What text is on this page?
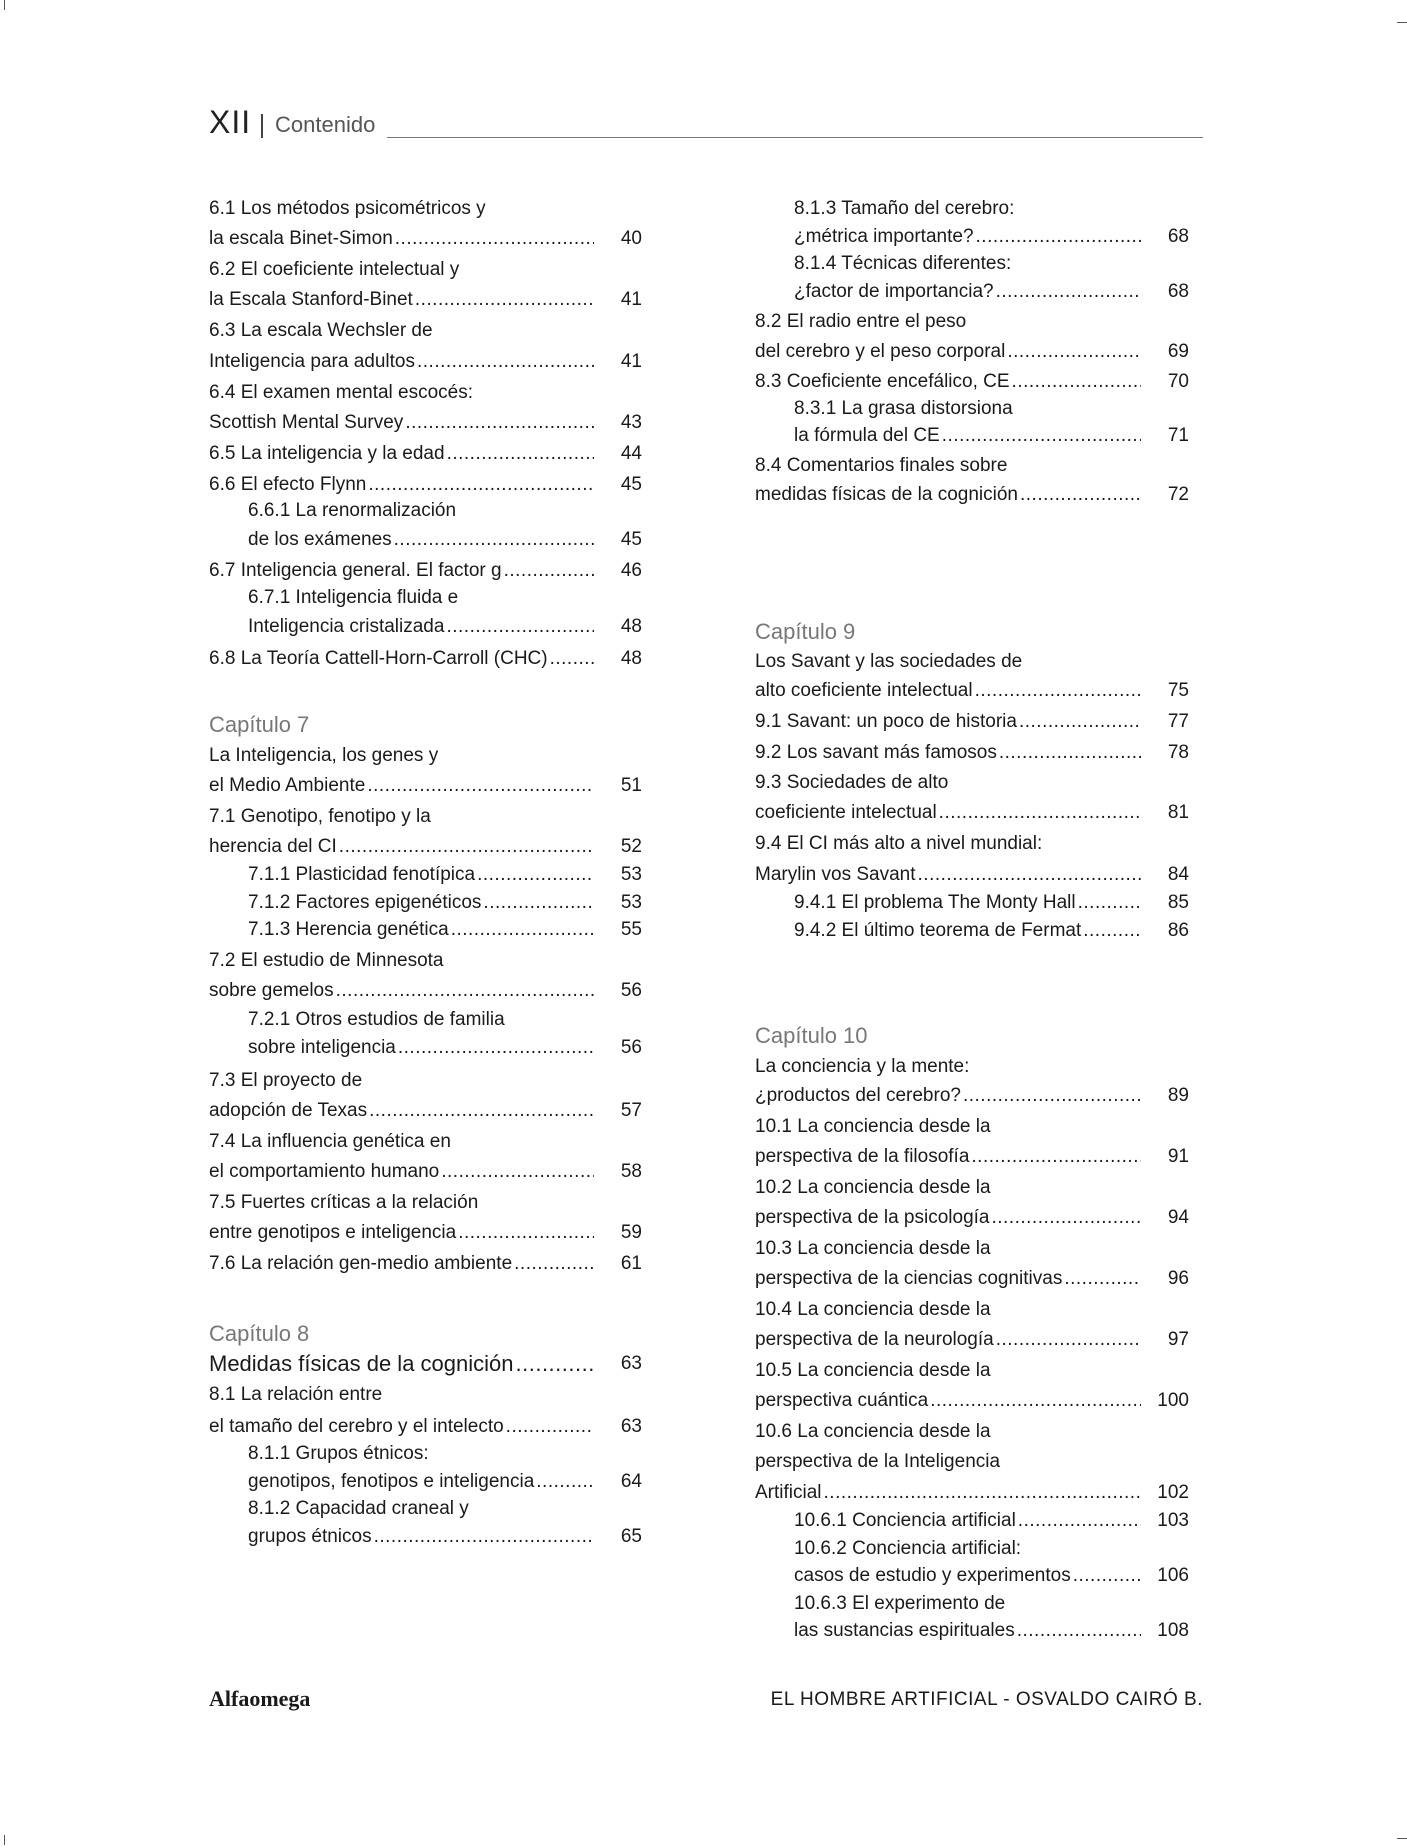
XII Contenido
6.1 Los métodos psicométricos y
la escala Binet-Simon .....	40
6.2 El coeficiente intelectual y
la Escala Stanford-Binet .....	41
6.3 La escala Wechsler de
Inteligencia para adultos .....	41
6.4 El examen mental escocés:
Scottish Mental Survey .....	43
6.5 La inteligencia y la edad .....	44
6.6 El efecto Flynn .....	45
6.6.1 La renormalización
de los exámenes .....	45
6.7 Inteligencia general. El factor g .....	46
6.7.1 Inteligencia fluida e
Inteligencia cristalizada .....	48
6.8 La Teoría Cattell-Horn-Carroll (CHC) .....	48
Capítulo 7
La Inteligencia, los genes y
el Medio Ambiente .....	51
7.1 Genotipo, fenotipo y la
herencia del CI .....	52
7.1.1 Plasticidad fenotípica .....	53
7.1.2 Factores epigenéticos .....	53
7.1.3 Herencia genética .....	55
7.2 El estudio de Minnesota
sobre gemelos .....	56
7.2.1 Otros estudios de familia
sobre inteligencia .....	56
7.3 El proyecto de
adopción de Texas .....	57
7.4 La influencia genética en
el comportamiento humano .....	58
7.5 Fuertes críticas a la relación
entre genotipos e inteligencia .....	59
7.6 La relación gen-medio ambiente .....	61
Capítulo 8
Medidas físicas de la cognición .....	63
8.1 La relación entre
el tamaño del cerebro y el intelecto .....	63
8.1.1 Grupos étnicos:
genotipos, fenotipos e inteligencia .....	64
8.1.2 Capacidad craneal y
grupos étnicos .....	65
8.1.3 Tamaño del cerebro:
¿métrica importante? .....	68
8.1.4 Técnicas diferentes:
¿factor de importancia? .....	68
8.2 El radio entre el peso
del cerebro y el peso corporal .....	69
8.3 Coeficiente encefálico, CE .....	70
8.3.1 La grasa distorsiona
la fórmula del CE .....	71
8.4 Comentarios finales sobre
medidas físicas de la cognición .....	72
Capítulo 9
Los Savant y las sociedades de
alto coeficiente intelectual .....	75
9.1 Savant: un poco de historia .....	77
9.2 Los savant más famosos .....	78
9.3 Sociedades de alto
coeficiente intelectual .....	81
9.4 El CI más alto a nivel mundial:
Marylin vos Savant .....	84
9.4.1 El problema The Monty Hall .....	85
9.4.2 El último teorema de Fermat .....	86
Capítulo 10
La conciencia y la mente:
¿productos del cerebro? .....	89
10.1 La conciencia desde la
perspectiva de la filosofía .....	91
10.2 La conciencia desde la
perspectiva de la psicología .....	94
10.3 La conciencia desde la
perspectiva de la ciencias cognitivas .....	96
10.4 La conciencia desde la
perspectiva de la neurología .....	97
10.5 La conciencia desde la
perspectiva cuántica .....	100
10.6 La conciencia desde la
perspectiva de la Inteligencia
Artificial .....	102
10.6.1 Conciencia artificial .....	103
10.6.2 Conciencia artificial:
casos de estudio y experimentos .....	106
10.6.3 El experimento de
las sustancias espirituales .....	108
Alfaomega	EL HOMBRE ARTIFICIAL - OSVALDO CAIRÓ B.
